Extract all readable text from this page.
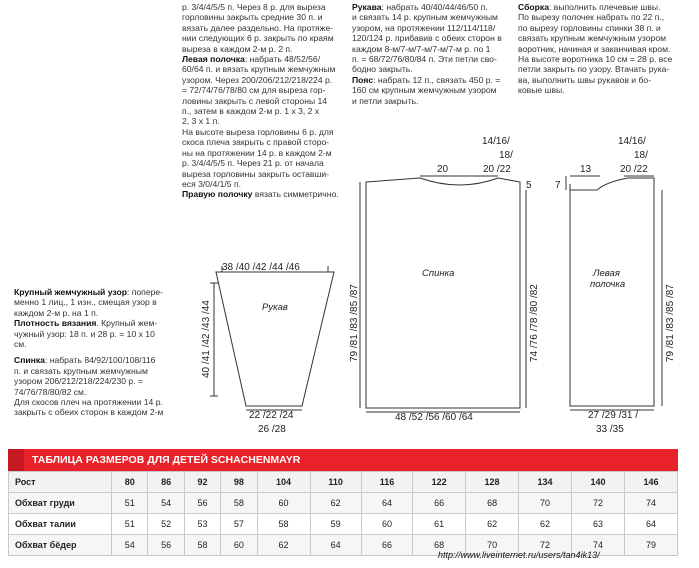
р. 3/4/4/5/5 п. Через 8 р. для выреза

горловины закрыть средние 30 п. и

вязать далее раздельно. На протяже-

нии следующих 6 р. закрыть по краям

выреза в каждом 2-м р. 2 п.

Левая полочка: набрать 48/52/56/

60/64 п. и вязать крупным жемчужным

узором. Через 200/206/212/218/224 р.

= 72/74/76/78/80 см для выреза гор-

ловины закрыть с левой стороны 14

п., затем в каждом 2-м р. 1 х 3, 2 х

2, 3 х 1 п.

На высоте выреза горловины 6 р. для

скоса плеча закрыть с правой сторо-

ны на протяжении 14 р. в каждом 2-м

р. 3/4/4/5/5 п. Через 21 р. от начала

выреза горловины закрыть оставши-

еся 3/0/4/1/5 п.

Правую полочку вязать симметрично.

Рукава: набрать 40/40/44/46/50 п.

и связать 14 р. крупным жемчужным

узором, на протяжении 112/114/118/

120/124 р. прибавив с обеих сторон в

каждом 8-м/7-м/7-м/7-м/7-м р. по 1

п. = 68/72/76/80/84 п. Эти петли сво-

бодно закрыть.

Пояс: набрать 12 п., связать 450 р. =

160 см крупным жемчужным узором

и петли закрыть.

Сборка: выполнить плечевые швы.

По вырезу полочек набрать по 22 п.,

по вырезу горловины спинки 38 п. и

связать крупным жемчужным узором

воротник, начиная и заканчивая кром.

На высоте воротника 10 см = 28 р. все

петли закрыть по узору. Втачать рука-

ва, выполнить швы рукавов и бо-

ковые швы.

Крупный жемчужный узор: попере-

менно 1 лиц., 1 изн., смещая узор в

каждом 2-м р. на 1 п.

Плотность вязания. Крупный жем-

чужный узор: 18 п. и 28 р. = 10 х 10

см.

Спинка: набрать 84/92/100/108/116

п. и связать крупным жемчужным

узором 206/212/218/224/230 р. =

74/76/78/80/82 см.

Для скосов плеч на протяжении 14 р.

закрыть с обеих сторон в каждом 2-м

Рукав
38 /40 /42 /44 /46
40 /41 /42 /43 /44
22 /22 /24
26 /28
Спинка
20
14/16/
18/
20 /22
5
79 /81 /83 /85 /87	74 /76 /78 /80 /82
48 /52 /56 /60 /64
Левая
полочка
13
7
14/16/
18/
20 /22
79 /81 /83 /85 /87
27 /29 /31 /
33 /35
ТАБЛИЦА РАЗМЕРОВ ДЛЯ ДЕТЕЙ SCHACHENMAYR
Рост	80	86	92	98	104	110	116	122	128	134	140	146
Обхват груди	51	54	56	58	60	62	64	66	68	70	72	74
Обхват талии	51	52	53	57	58	59	60	61	62	62	63	64
Обхват бёдер	54	56	58	60	62	64	66	68	70	72	74	79
http://www.liveinternet.ru/users/tan4ik13/
